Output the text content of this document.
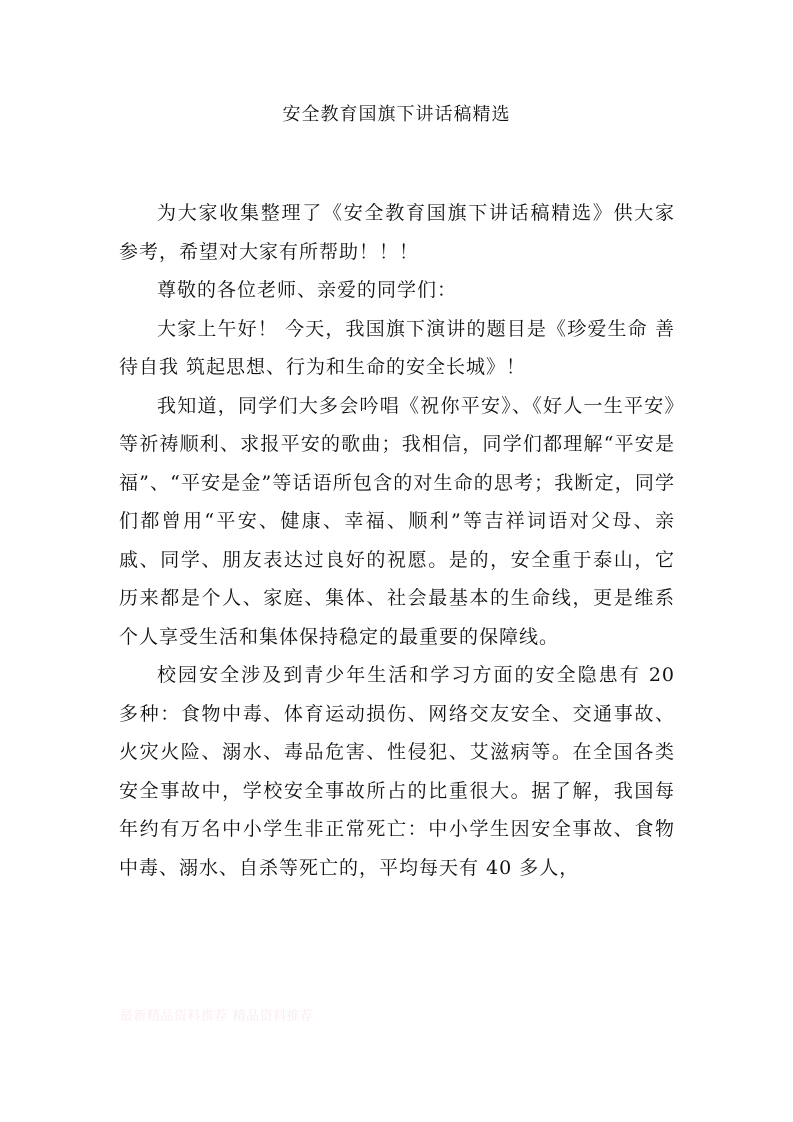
安全教育国旗下讲话稿精选

为大家收集整理了《安全教育国旗下讲话稿精选》供大家参考，希望对大家有所帮助！！！

尊敬的各位老师、亲爱的同学们：

大家上午好！ 今天，我国旗下演讲的题目是《珍爱生命 善待自我 筑起思想、行为和生命的安全长城》！

我知道，同学们大多会吟唱《祝你平安》、《好人一生平安》等祈祷顺利、求报平安的歌曲；我相信，同学们都理解“平安是福”、“平安是金”等话语所包含的对生命的思考；我断定，同学们都曾用“平安、健康、幸福、顺利”等吉祥词语对父母、亲戚、同学、朋友表达过良好的祝愿。是的，安全重于泰山，它历来都是个人、家庭、集体、社会最基本的生命线，更是维系个人享受生活和集体保持稳定的最重要的保障线。

校园安全涉及到青少年生活和学习方面的安全隐患有 20 多种：食物中毒、体育运动损伤、网络交友安全、交通事故、火灾火险、溺水、毒品危害、性侵犯、艾滋病等。在全国各类安全事故中，学校安全事故所占的比重很大。据了解，我国每年约有万名中小学生非正常死亡：中小学生因安全事故、食物中毒、溺水、自杀等死亡的，平均每天有 40 多人，

最新精品资料推荐 精品资料推荐
